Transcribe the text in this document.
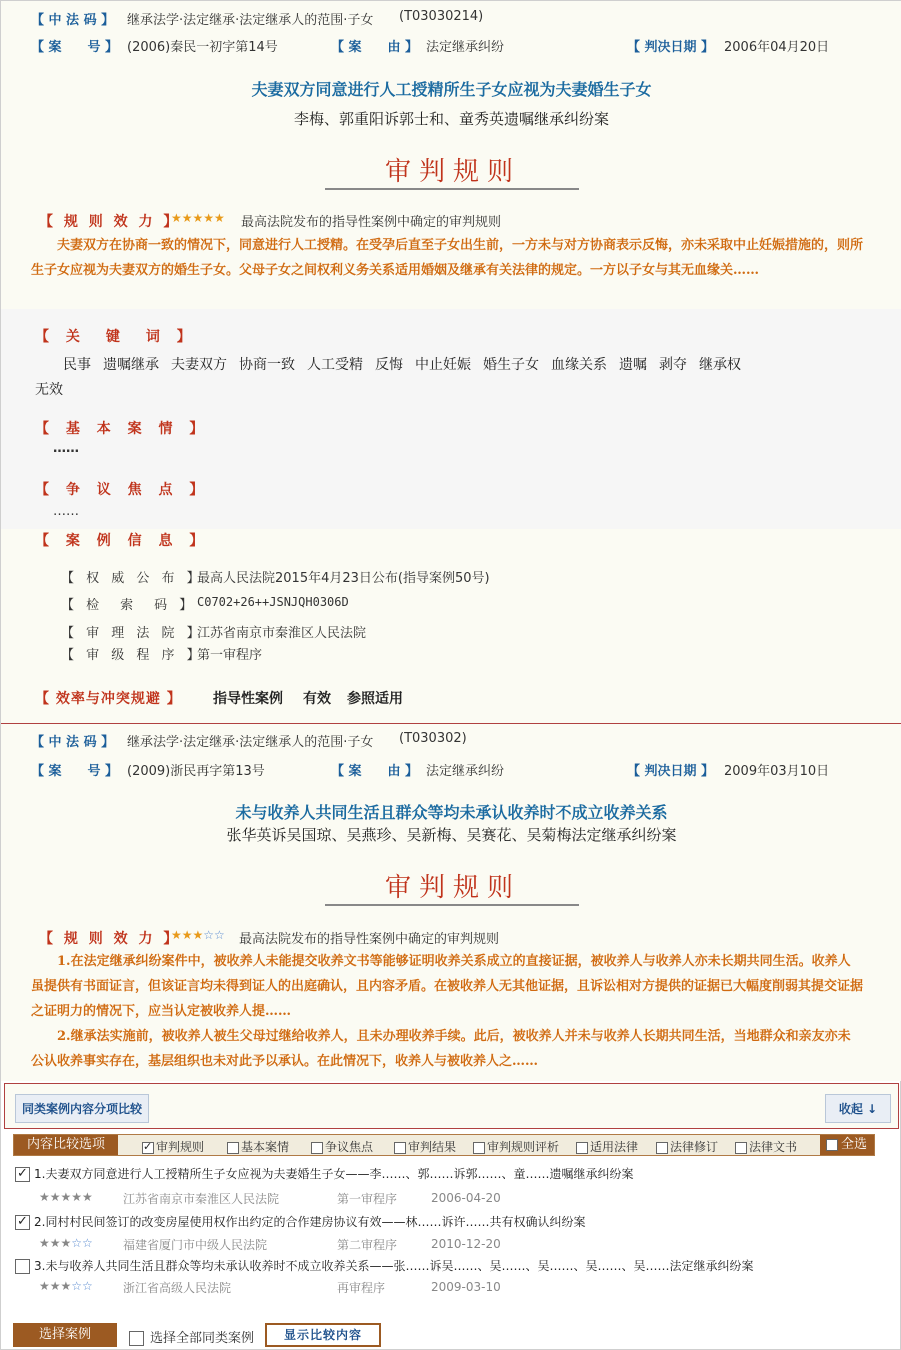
【 中 法 码 】 继承法学·法定继承·法定继承人的范围·子女 (T03030214)
【 案　　号 】 (2006)秦民一初字第14号	【 案　　由 】 法定继承纠纷	【 判决日期 】 2006年04月20日
夫妻双方同意进行人工授精所生子女应视为夫妻婚生子女
李梅、郭重阳诉郭士和、童秀英遗嘱继承纠纷案
审判规则
【 规 则 效 力 】
★★★★★ 最高法院发布的指导性案例中确定的审判规则
　　夫妻双方在协商一致的情况下，同意进行人工授精。在受孕后直至子女出生前，一方未与对方协商表示反悔，亦未采取中止妊娠措施的，则所生子女应视为夫妻双方的婚生子女。父母子女之间权利义务关系适用婚姻及继承有关法律的规定。一方以子女与其无血缘关……
【 关　键　词 】
民事 遗嘱继承 夫妻双方 协商一致 人工受精 反悔 中止妊娠 婚生子女 血缘关系 遗嘱 剥夺 继承权
无效
【 基 本 案 情 】
……
【 争 议 焦 点 】
……
【 案 例 信 息 】
【 权 威 公 布 】
最高人民法院2015年4月23日公布(指导案例50号)
【 检　索　码 】 C0702+26++JSNJQH0306D
【 审 理 法 院 】
江苏省南京市秦淮区人民法院
【 审 级 程 序 】
第一审程序
【 效率与冲突规避 】 指导性案例 有效 参照适用
【 中 法 码 】 继承法学·法定继承·法定继承人的范围·子女 (T030302)
【 案　　号 】 (2009)浙民再字第13号	【 案　　由 】 法定继承纠纷	【 判决日期 】 2009年03月10日
未与收养人共同生活且群众等均未承认收养时不成立收养关系
张华英诉吴国琼、吴燕珍、吴新梅、吴赛花、吴菊梅法定继承纠纷案
审判规则
【 规 则 效 力 】
★★★☆☆ 最高法院发布的指导性案例中确定的审判规则
　　1.在法定继承纠纷案件中，被收养人未能提交收养文书等能够证明收养关系成立的直接证据，被收养人与收养人亦未长期共同生活。收养人虽提供有书面证言，但该证言均未得到证人的出庭确认，且内容矛盾。在被收养人无其他证据，且诉讼相对方提供的证据已大幅度削弱其提交证据之证明力的情况下，应当认定被收养人提……
　　2.继承法实施前，被收养人被生父母过继给收养人，且未办理收养手续。此后，被收养人并未与收养人长期共同生活，当地群众和亲友亦未公认收养事实存在，基层组织也未对此予以承认。在此情况下，收养人与被收养人之……
同类案例内容分项比较	收起 ↓
内容比较选项
✓	审判规则	基本案情	争议焦点	审判结果	审判规则评析	适用法律	法律修订	法律文书	全选
✓1.夫妻双方同意进行人工授精所生子女应视为夫妻婚生子女——李……、郭……诉郭……、童……遗嘱继承纠纷案
★★★★★	江苏省南京市秦淮区人民法院	第一审程序	2006-04-20
✓2.同村村民间签订的改变房屋使用权作出约定的合作建房协议有效——林……诉许……共有权确认纠纷案
★★★☆☆	福建省厦门市中级人民法院	第二审程序	2010-12-20
3.未与收养人共同生活且群众等均未承认收养时不成立收养关系——张……诉吴……、吴……、吴……、吴……、吴……法定继承纠纷案
★★★☆☆	浙江省高级人民法院	再审程序	2009-03-10
选择案例	选择全部同类案例	显示比较内容
